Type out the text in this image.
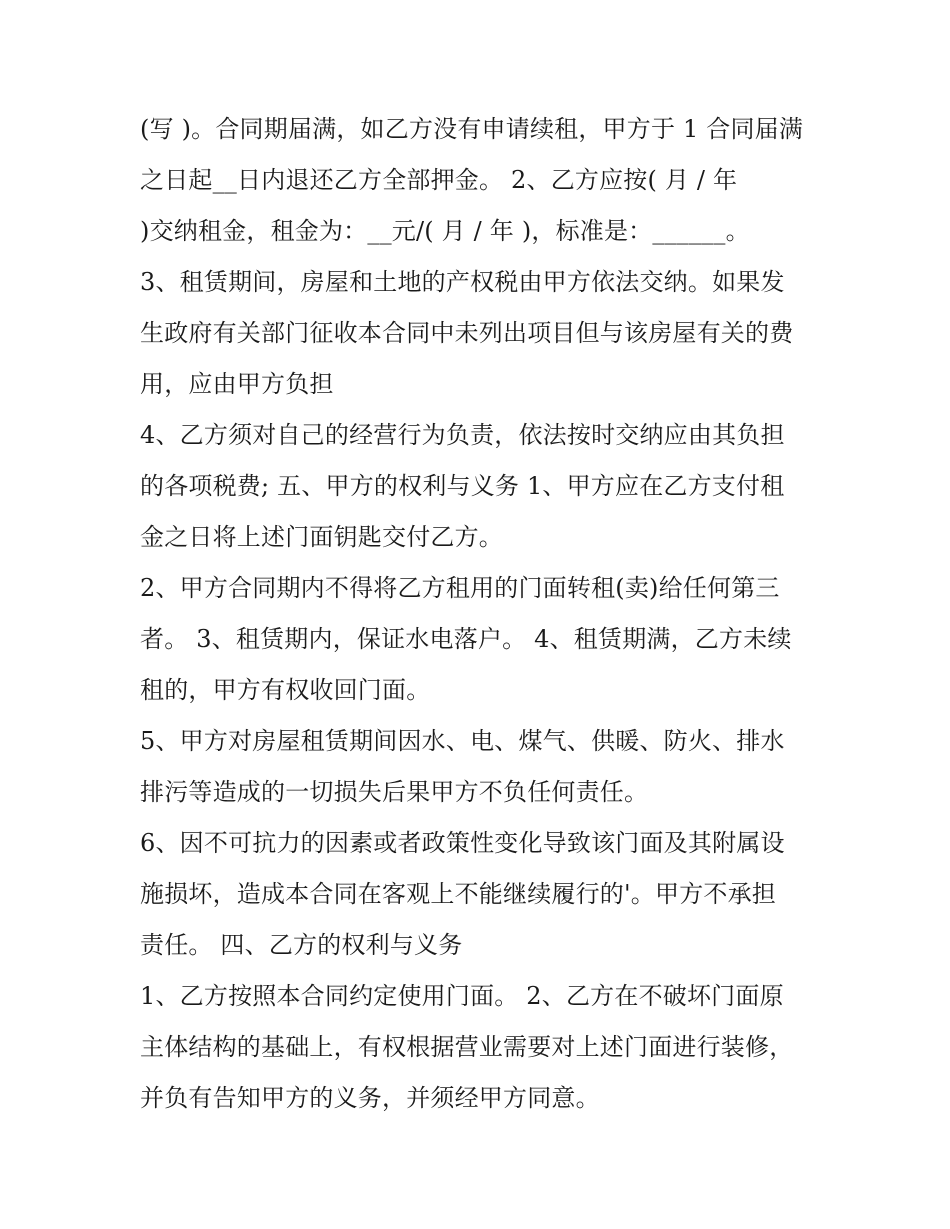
(写 )。合同期届满，如乙方没有申请续租，甲方于 1 合同届满
之日起__日内退还乙方全部押金。 2、乙方应按( 月 / 年
)交纳租金，租金为：__元/( 月 / 年 )，标准是：______。
3、租赁期间，房屋和土地的产权税由甲方依法交纳。如果发
生政府有关部门征收本合同中未列出项目但与该房屋有关的费
用，应由甲方负担
4、乙方须对自己的经营行为负责，依法按时交纳应由其负担
的各项税费; 五、甲方的权利与义务 1、甲方应在乙方支付租
金之日将上述门面钥匙交付乙方。
2、甲方合同期内不得将乙方租用的门面转租(卖)给任何第三
者。 3、租赁期内，保证水电落户。 4、租赁期满，乙方未续
租的，甲方有权收回门面。
5、甲方对房屋租赁期间因水、电、煤气、供暖、防火、排水
排污等造成的一切损失后果甲方不负任何责任。
6、因不可抗力的因素或者政策性变化导致该门面及其附属设
施损坏，造成本合同在客观上不能继续履行的'。甲方不承担
责任。 四、乙方的权利与义务
1、乙方按照本合同约定使用门面。 2、乙方在不破坏门面原
主体结构的基础上，有权根据营业需要对上述门面进行装修，
并负有告知甲方的义务，并须经甲方同意。
